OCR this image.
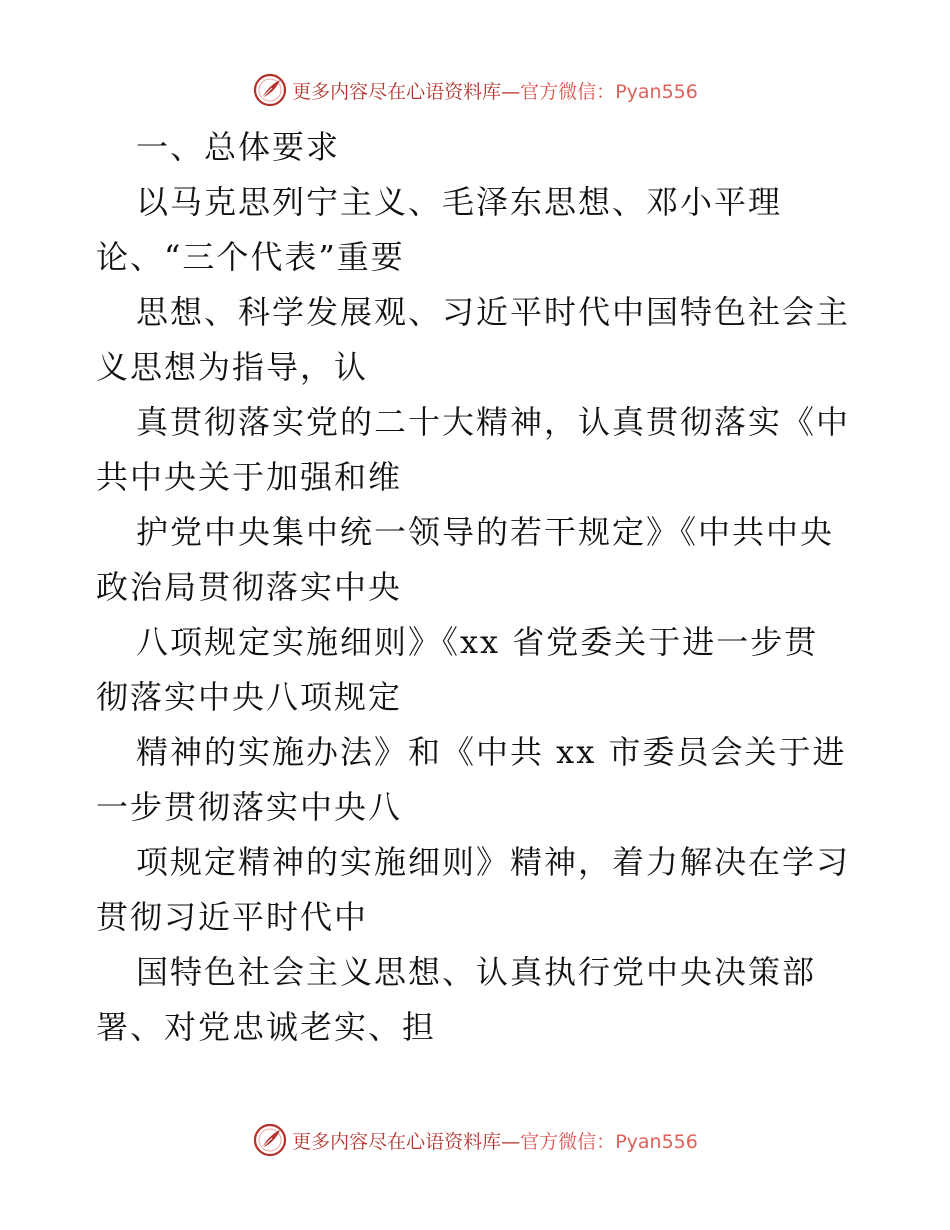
更多内容尽在心语资料库—官方微信：Pyan556
一、总体要求
以马克思列宁主义、毛泽东思想、邓小平理
论、“三个代表”重要
思想、科学发展观、习近平时代中国特色社会主
义思想为指导，认
真贯彻落实党的二十大精神，认真贯彻落实《中
共中央关于加强和维
护党中央集中统一领导的若干规定》《中共中央
政治局贯彻落实中央
八项规定实施细则》《xx 省党委关于进一步贯
彻落实中央八项规定
精神的实施办法》和《中共 xx 市委员会关于进
一步贯彻落实中央八
项规定精神的实施细则》精神，着力解决在学习
贯彻习近平时代中
国特色社会主义思想、认真执行党中央决策部
署、对党忠诚老实、担
更多内容尽在心语资料库—官方微信：Pyan556
